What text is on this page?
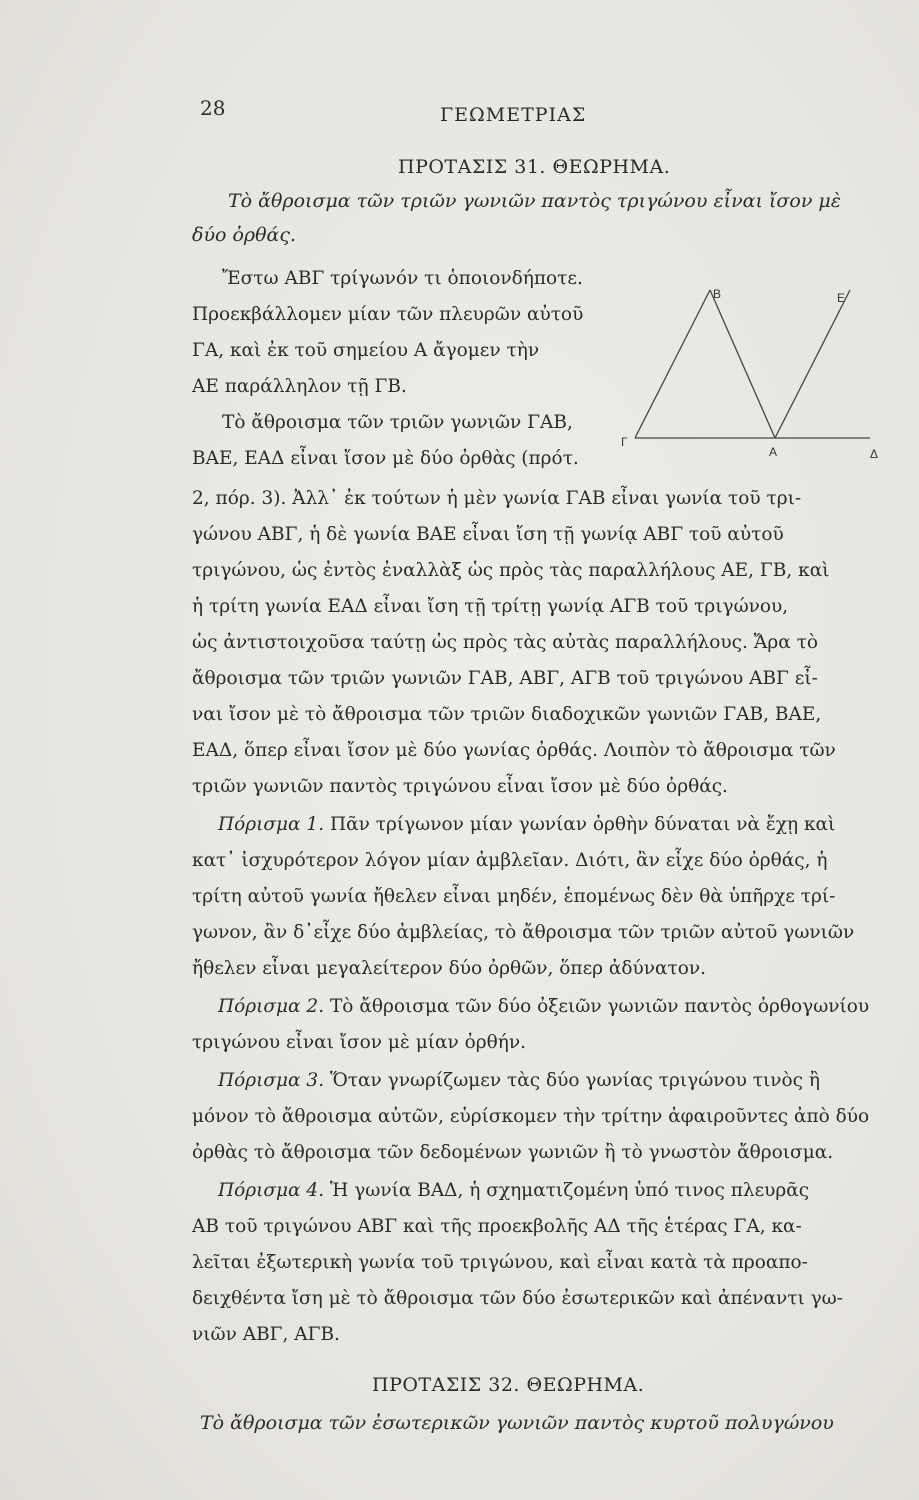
28	ΓΕΩΜΕΤΡΙΑΣ
ΠΡΟΤΑΣΙΣ 31. ΘΕΩΡΗΜΑ.
Τὸ ἄθροισμα τῶν τριῶν γωνιῶν παντὸς τριγώνου εἶναι ἴσον μὲ
δύο ὀρθάς.
B	E
Γ
A	Δ
Ἔστω ΑΒΓ τρίγωνόν τι ὁποιονδήποτε.
Προεκβάλλομεν μίαν τῶν πλευρῶν αὐτοῦ
ΓΑ, καὶ ἐκ τοῦ σημείου Α ἄγομεν τὴν
ΑΕ παράλληλον τῇ ΓΒ.
Τὸ ἄθροισμα τῶν τριῶν γωνιῶν ΓΑΒ,
ΒΑΕ, ΕΑΔ εἶναι ἴσον μὲ δύο ὀρθὰς (πρότ.
2, πόρ. 3). Ἀλλ᾽ ἐκ τούτων ἡ μὲν γωνία ΓΑΒ εἶναι γωνία τοῦ τρι-
γώνου ΑΒΓ, ἡ δὲ γωνία ΒΑΕ εἶναι ἴση τῇ γωνίᾳ ΑΒΓ τοῦ αὐτοῦ
τριγώνου, ὡς ἐντὸς ἐναλλὰξ ὡς πρὸς τὰς παραλλήλους ΑΕ, ΓΒ, καὶ
ἡ τρίτη γωνία ΕΑΔ εἶναι ἴση τῇ τρίτῃ γωνίᾳ ΑΓΒ τοῦ τριγώνου,
ὡς ἀντιστοιχοῦσα ταύτῃ ὡς πρὸς τὰς αὐτὰς παραλλήλους. Ἄρα τὸ
ἄθροισμα τῶν τριῶν γωνιῶν ΓΑΒ, ΑΒΓ, ΑΓΒ τοῦ τριγώνου ΑΒΓ εἶ-
ναι ἴσον μὲ τὸ ἄθροισμα τῶν τριῶν διαδοχικῶν γωνιῶν ΓΑΒ, ΒΑΕ,
ΕΑΔ, ὅπερ εἶναι ἴσον μὲ δύο γωνίας ὀρθάς. Λοιπὸν τὸ ἄθροισμα τῶν
τριῶν γωνιῶν παντὸς τριγώνου εἶναι ἴσον μὲ δύο ὀρθάς.
Πόρισμα 1. Πᾶν τρίγωνον μίαν γωνίαν ὀρθὴν δύναται νὰ ἔχῃ καὶ
κατ᾽ ἰσχυρότερον λόγον μίαν ἀμβλεῖαν. Διότι, ἂν εἶχε δύο ὀρθάς, ἡ
τρίτη αὐτοῦ γωνία ἤθελεν εἶναι μηδέν, ἑπομένως δὲν θὰ ὑπῆρχε τρί-
γωνον, ἂν δ᾽εἶχε δύο ἀμβλείας, τὸ ἄθροισμα τῶν τριῶν αὐτοῦ γωνιῶν
ἤθελεν εἶναι μεγαλείτερον δύο ὀρθῶν, ὅπερ ἀδύνατον.
Πόρισμα 2. Τὸ ἄθροισμα τῶν δύο ὀξειῶν γωνιῶν παντὸς ὀρθογωνίου
τριγώνου εἶναι ἴσον μὲ μίαν ὀρθήν.
Πόρισμα 3. Ὅταν γνωρίζωμεν τὰς δύο γωνίας τριγώνου τινὸς ἢ
μόνον τὸ ἄθροισμα αὐτῶν, εὑρίσκομεν τὴν τρίτην ἀφαιροῦντες ἀπὸ δύο
ὀρθὰς τὸ ἄθροισμα τῶν δεδομένων γωνιῶν ἢ τὸ γνωστὸν ἄθροισμα.
Πόρισμα 4. Ἡ γωνία ΒΑΔ, ἡ σχηματιζομένη ὑπό τινος πλευρᾶς
ΑΒ τοῦ τριγώνου ΑΒΓ καὶ τῆς προεκβολῆς ΑΔ τῆς ἑτέρας ΓΑ, κα-
λεῖται ἐξωτερικὴ γωνία τοῦ τριγώνου, καὶ εἶναι κατὰ τὰ προαπο-
δειχθέντα ἴση μὲ τὸ ἄθροισμα τῶν δύο ἐσωτερικῶν καὶ ἀπέναντι γω-
νιῶν ΑΒΓ, ΑΓΒ.
ΠΡΟΤΑΣΙΣ 32. ΘΕΩΡΗΜΑ.
Τὸ ἄθροισμα τῶν ἐσωτερικῶν γωνιῶν παντὸς κυρτοῦ πολυγώνου
